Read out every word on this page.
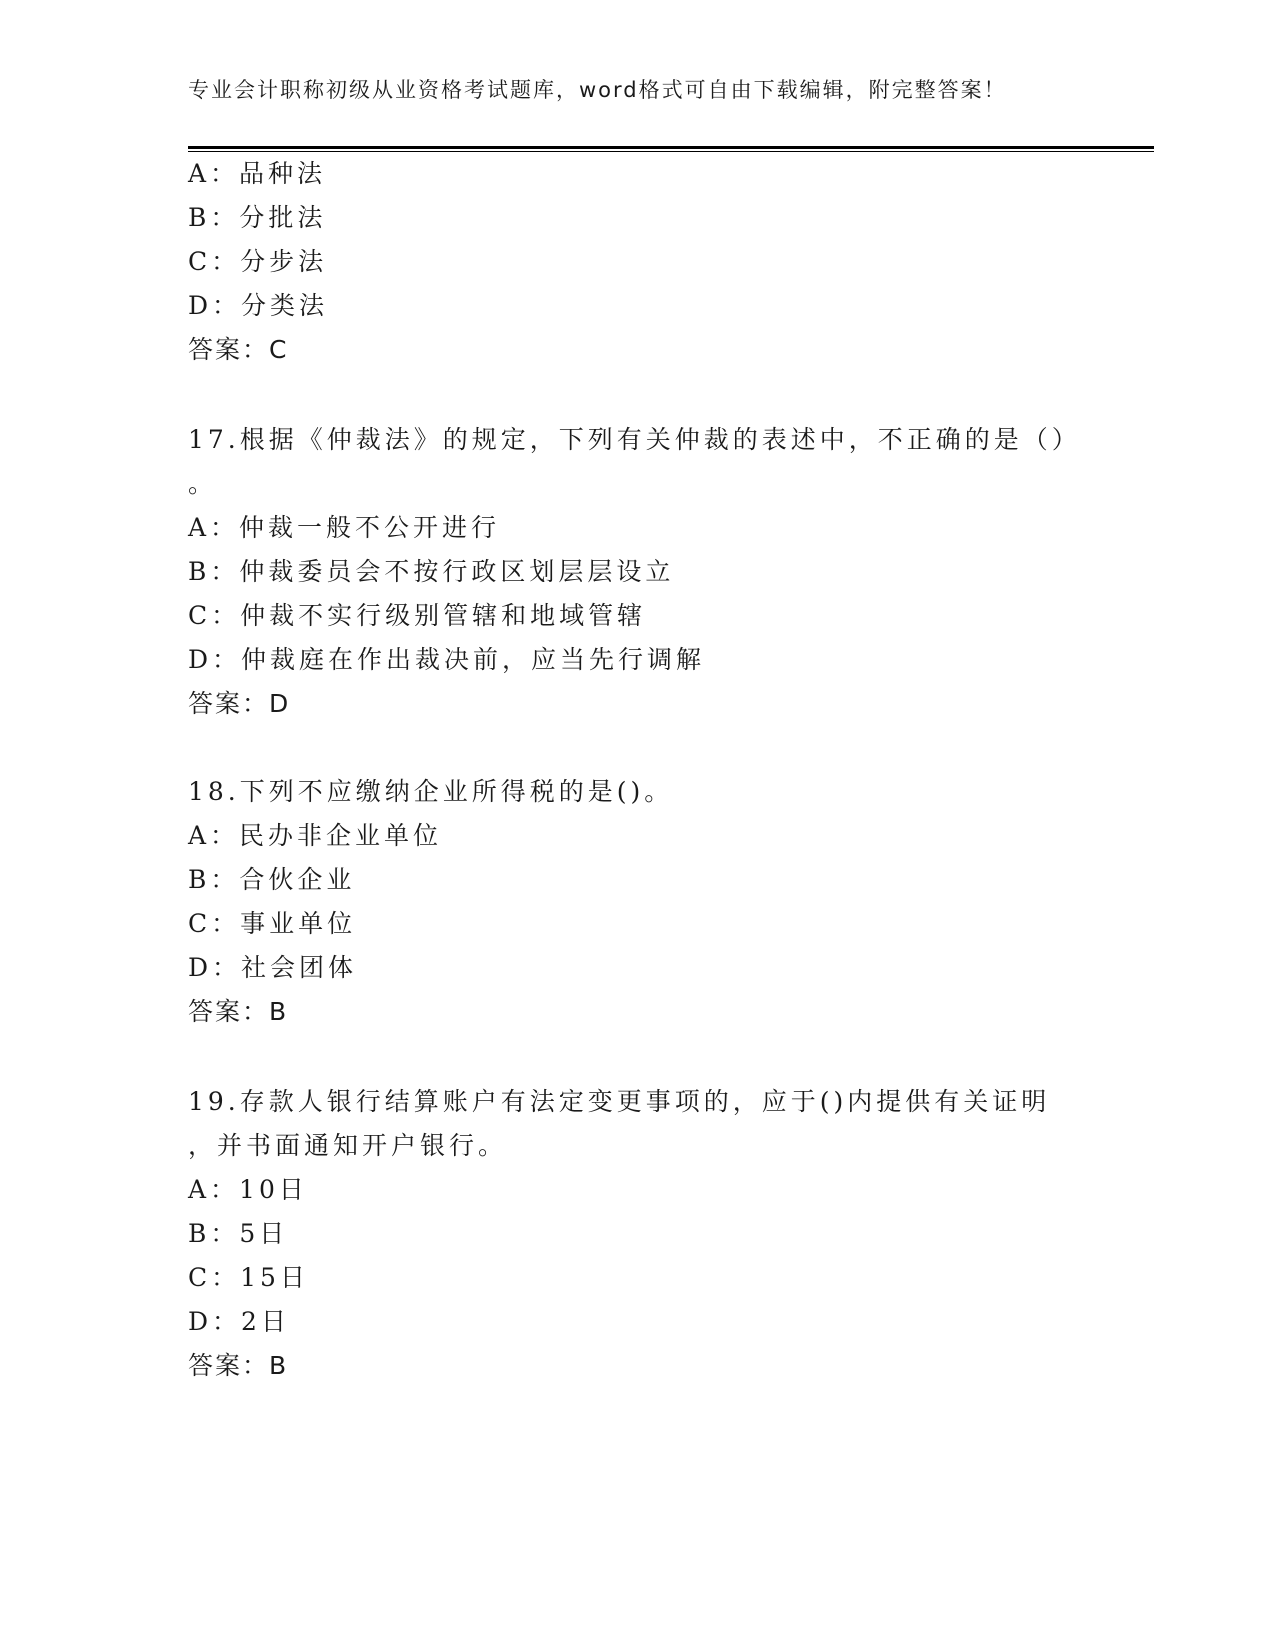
专业会计职称初级从业资格考试题库，word格式可自由下载编辑，附完整答案！
A：品种法
B：分批法
C：分步法
D：分类法
答案：C
17.根据《仲裁法》的规定，下列有关仲裁的表述中，不正确的是（）
。
A：仲裁一般不公开进行
B：仲裁委员会不按行政区划层层设立
C：仲裁不实行级别管辖和地域管辖
D：仲裁庭在作出裁决前，应当先行调解
答案：D
18.下列不应缴纳企业所得税的是()。
A：民办非企业单位
B：合伙企业
C：事业单位
D：社会团体
答案：B
19.存款人银行结算账户有法定变更事项的，应于()内提供有关证明
，并书面通知开户银行。
A：10日
B：5日
C：15日
D：2日
答案：B
